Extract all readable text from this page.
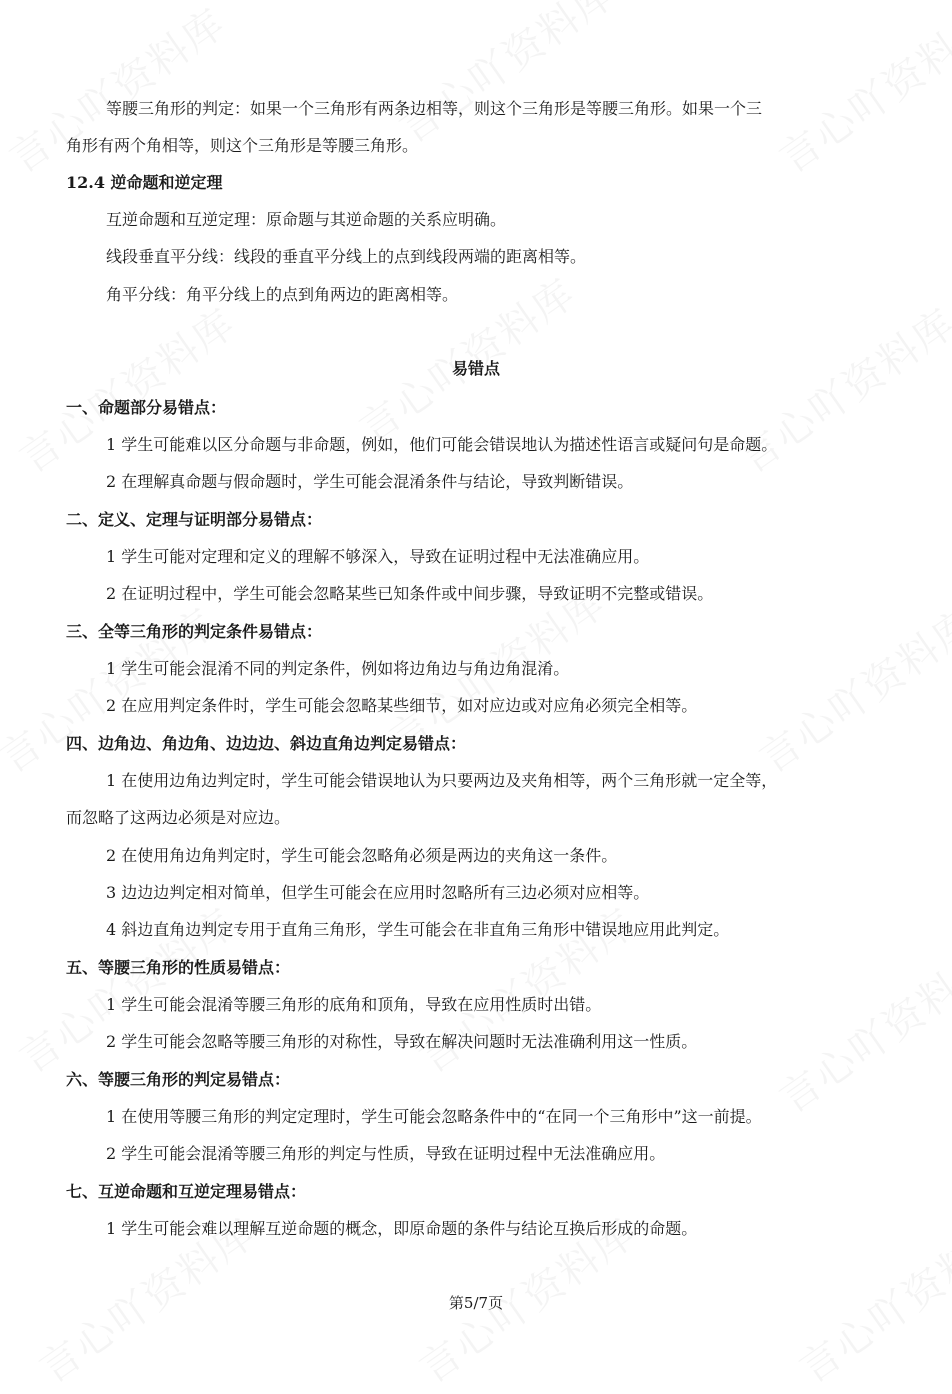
等腰三角形的判定：如果一个三角形有两条边相等，则这个三角形是等腰三角形。如果一个三
角形有两个角相等，则这个三角形是等腰三角形。
12.4 逆命题和逆定理
互逆命题和互逆定理：原命题与其逆命题的关系应明确。
线段垂直平分线：线段的垂直平分线上的点到线段两端的距离相等。
角平分线：角平分线上的点到角两边的距离相等。
易错点
一、命题部分易错点：
1 学生可能难以区分命题与非命题，例如，他们可能会错误地认为描述性语言或疑问句是命题。
2 在理解真命题与假命题时，学生可能会混淆条件与结论，导致判断错误。
二、定义、定理与证明部分易错点：
1 学生可能对定理和定义的理解不够深入，导致在证明过程中无法准确应用。
2 在证明过程中，学生可能会忽略某些已知条件或中间步骤，导致证明不完整或错误。
三、全等三角形的判定条件易错点：
1 学生可能会混淆不同的判定条件，例如将边角边与角边角混淆。
2 在应用判定条件时，学生可能会忽略某些细节，如对应边或对应角必须完全相等。
四、边角边、角边角、边边边、斜边直角边判定易错点：
1 在使用边角边判定时，学生可能会错误地认为只要两边及夹角相等，两个三角形就一定全等，
而忽略了这两边必须是对应边。
2 在使用角边角判定时，学生可能会忽略角必须是两边的夹角这一条件。
3 边边边判定相对简单，但学生可能会在应用时忽略所有三边必须对应相等。
4 斜边直角边判定专用于直角三角形，学生可能会在非直角三角形中错误地应用此判定。
五、等腰三角形的性质易错点：
1 学生可能会混淆等腰三角形的底角和顶角，导致在应用性质时出错。
2 学生可能会忽略等腰三角形的对称性，导致在解决问题时无法准确利用这一性质。
六、等腰三角形的判定易错点：
1 在使用等腰三角形的判定定理时，学生可能会忽略条件中的“在同一个三角形中”这一前提。
2 学生可能会混淆等腰三角形的判定与性质，导致在证明过程中无法准确应用。
七、互逆命题和互逆定理易错点：
1 学生可能会难以理解互逆命题的概念，即原命题的条件与结论互换后形成的命题。
第5/7页
